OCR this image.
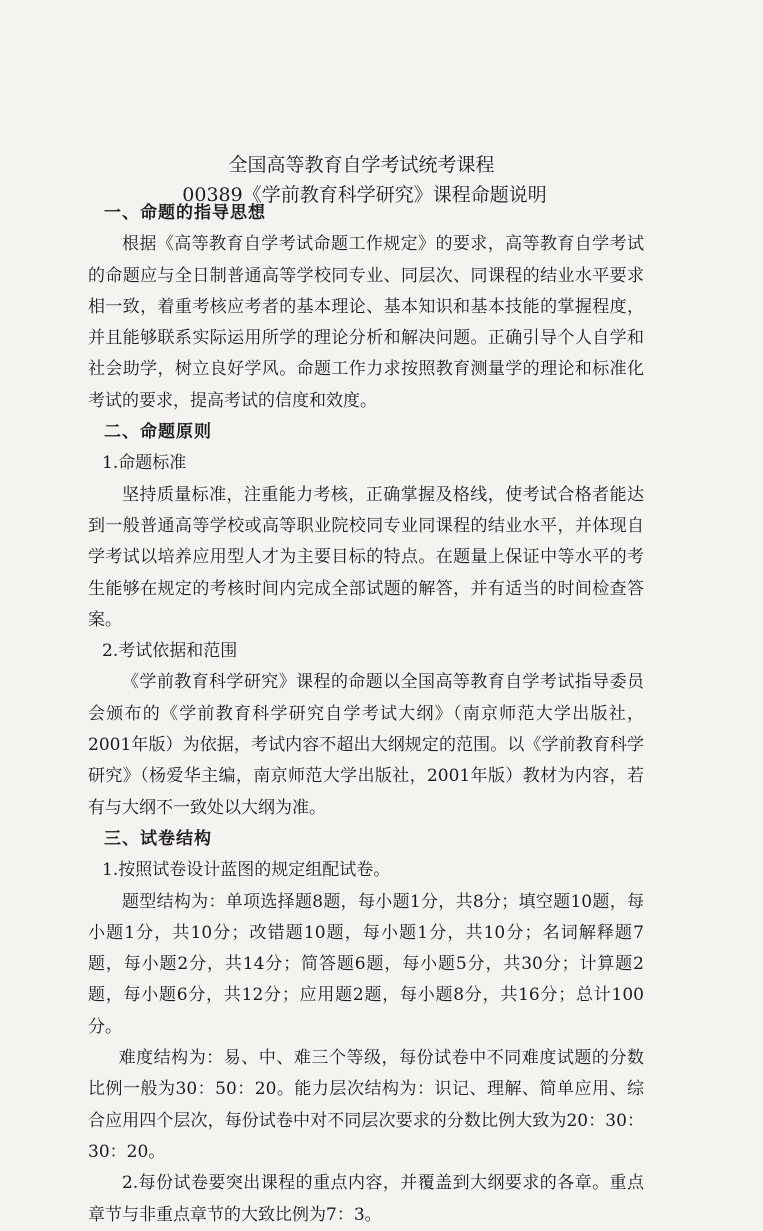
全国高等教育自学考试统考课程
00389《学前教育科学研究》课程命题说明
一、命题的指导思想

根据《高等教育自学考试命题工作规定》的要求，高等教育自学考试的命题应与全日制普通高等学校同专业、同层次、同课程的结业水平要求相一致，着重考核应考者的基本理论、基本知识和基本技能的掌握程度，并且能够联系实际运用所学的理论分析和解决问题。正确引导个人自学和社会助学，树立良好学风。命题工作力求按照教育测量学的理论和标准化考试的要求，提高考试的信度和效度。

二、命题原则
1.命题标准

坚持质量标准，注重能力考核，正确掌握及格线，使考试合格者能达到一般普通高等学校或高等职业院校同专业同课程的结业水平，并体现自学考试以培养应用型人才为主要目标的特点。在题量上保证中等水平的考生能够在规定的考核时间内完成全部试题的解答，并有适当的时间检查答案。

2.考试依据和范围

《学前教育科学研究》课程的命题以全国高等教育自学考试指导委员会颁布的《学前教育科学研究自学考试大纲》（南京师范大学出版社，2001年版）为依据，考试内容不超出大纲规定的范围。以《学前教育科学研究》（杨爱华主编，南京师范大学出版社，2001年版）教材为内容，若有与大纲不一致处以大纲为准。

三、试卷结构
1.按照试卷设计蓝图的规定组配试卷。

题型结构为：单项选择题8题，每小题1分，共8分；填空题10题，每小题1分，共10分；改错题10题，每小题1分，共10分；名词解释题7题，每小题2分，共14分；简答题6题，每小题5分，共30分；计算题2题，每小题6分，共12分；应用题2题，每小题8分，共16分；总计100分。

难度结构为：易、中、难三个等级，每份试卷中不同难度试题的分数比例一般为30：50：20。能力层次结构为：识记、理解、简单应用、综合应用四个层次，每份试卷中对不同层次要求的分数比例大致为20：30：30：20。

2.每份试卷要突出课程的重点内容，并覆盖到大纲要求的各章。重点章节与非重点章节的大致比例为7：3。
